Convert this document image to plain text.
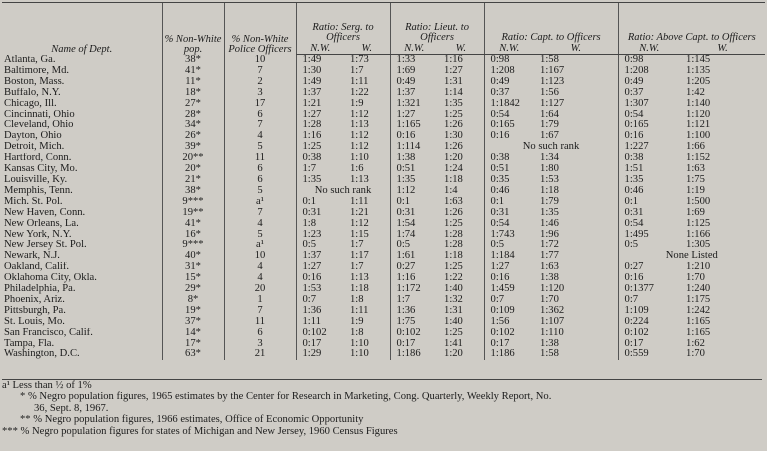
Name of Dept.	% Non-White pop.	% Non-White Police Officers	Ratio: Serg. to Officers		Ratio: Lieut. to Officers		Ratio: Capt. to Officers		Ratio: Above Capt. to Officers	
			N.W.	W.	N.W.	W.	N.W.	W.	N.W.	W.
Atlanta, Ga.	38*	10	1:49	1:73	1:33	1:16	0:98	1:58	0:98	1:145
Baltimore, Md.	41*	7	1:30	1:7	1:69	1:27	1:208	1:167	1:208	1:135
Boston, Mass.	11*	2	1:49	1:11	0:49	1:31	0:49	1:123	0:49	1:205
Buffalo, N.Y.	18*	3	1:37	1:22	1:37	1:14	0:37	1:56	0:37	1:42
Chicago, Ill.	27*	17	1:21	1:9	1:321	1:35	1:1842	1:127	1:307	1:140
Cincinnati, Ohio	28*	6	1:27	1:12	1:27	1:25	0:54	1:64	0:54	1:120
Cleveland, Ohio	34*	7	1:28	1:13	1:165	1:26	0:165	1:79	0:165	1:121
Dayton, Ohio	26*	4	1:16	1:12	0:16	1:30	0:16	1:67	0:16	1:100
Detroit, Mich.	39*	5	1:25	1:12	1:114	1:26	No such rank		1:227	1:66
Hartford, Conn.	20**	11	0:38	1:10	1:38	1:20	0:38	1:34	0:38	1:152
Kansas City, Mo.	20*	6	1:7	1:6	0:51	1:24	0:51	1:80	1:51	1:63
Louisville, Ky.	21*	6	1:35	1:13	1:35	1:18	0:35	1:53	1:35	1:75
Memphis, Tenn.	38*	5	No such rank		1:12	1:4	0:46	1:18	0:46	1:19
Mich. St. Pol.	9***	a¹	0:1	1:11	0:1	1:63	0:1	1:79	0:1	1:500
New Haven, Conn.	19**	7	0:31	1:21	0:31	1:26	0:31	1:35	0:31	1:69
New Orleans, La.	41*	4	1:8	1:12	1:54	1:25	0:54	1:46	0:54	1:125
New York, N.Y.	16*	5	1:23	1:15	1:74	1:28	1:743	1:96	1:495	1:166
New Jersey St. Pol.	9***	a¹	0:5	1:7	0:5	1:28	0:5	1:72	0:5	1:305
Newark, N.J.	40*	10	1:37	1:17	1:61	1:18	1:184	1:77	None Listed	
Oakland, Calif.	31*	4	1:27	1:7	0:27	1:25	1:27	1:63	0:27	1:210
Oklahoma City, Okla.	15*	4	0:16	1:13	1:16	1:22	0:16	1:38	0:16	1:70
Philadelphia, Pa.	29*	20	1:53	1:18	1:172	1:40	1:459	1:120	0:1377	1:240
Phoenix, Ariz.	8*	1	0:7	1:8	1:7	1:32	0:7	1:70	0:7	1:175
Pittsburgh, Pa.	19*	7	1:36	1:11	1:36	1:31	0:109	1:362	1:109	1:242
St. Louis, Mo.	37*	11	1:11	1:9	1:75	1:40	1:56	1:107	0:224	1:165
San Francisco, Calif.	14*	6	0:102	1:8	0:102	1:25	0:102	1:110	0:102	1:165
Tampa, Fla.	17*	3	0:17	1:10	0:17	1:41	0:17	1:38	0:17	1:62
Washington, D.C.	63*	21	1:29	1:10	1:186	1:20	1:186	1:58	0:559	1:70
a¹ Less than ½ of 1%
* % Negro population figures, 1965 estimates by the Center for Research in Marketing, Cong. Quarterly, Weekly Report, No.
36, Sept. 8, 1967.
** % Negro population figures, 1966 estimates, Office of Economic Opportunity
*** % Negro population figures for states of Michigan and New Jersey, 1960 Census Figures
